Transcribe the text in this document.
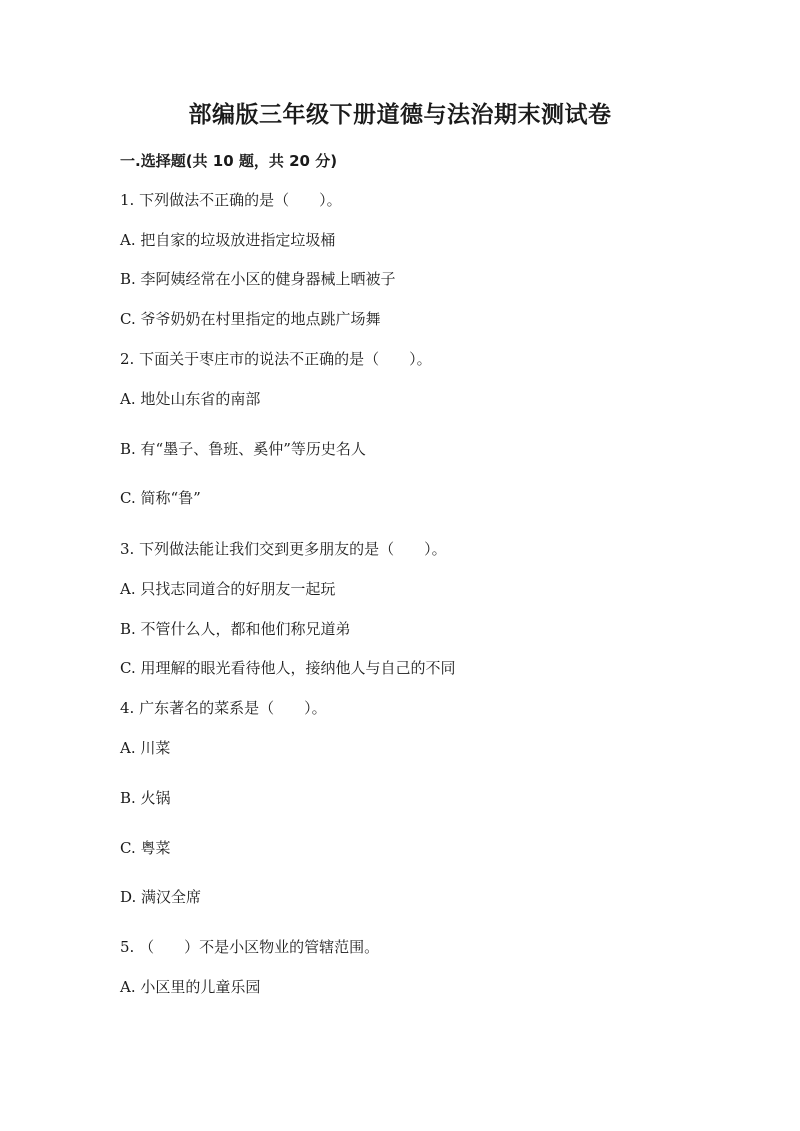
部编版三年级下册道德与法治期末测试卷
一.选择题(共 10 题，共 20 分)
1. 下列做法不正确的是（　　）。
A. 把自家的垃圾放进指定垃圾桶
B. 李阿姨经常在小区的健身器械上晒被子
C. 爷爷奶奶在村里指定的地点跳广场舞
2. 下面关于枣庄市的说法不正确的是（　　）。
A. 地处山东省的南部
B. 有“墨子、鲁班、奚仲”等历史名人
C. 简称“鲁”
3. 下列做法能让我们交到更多朋友的是（　　）。
A. 只找志同道合的好朋友一起玩
B. 不管什么人，都和他们称兄道弟
C. 用理解的眼光看待他人，接纳他人与自己的不同
4. 广东著名的菜系是（　　）。
A. 川菜
B. 火锅
C. 粤菜
D. 满汉全席
5. （　　）不是小区物业的管辖范围。
A. 小区里的儿童乐园
